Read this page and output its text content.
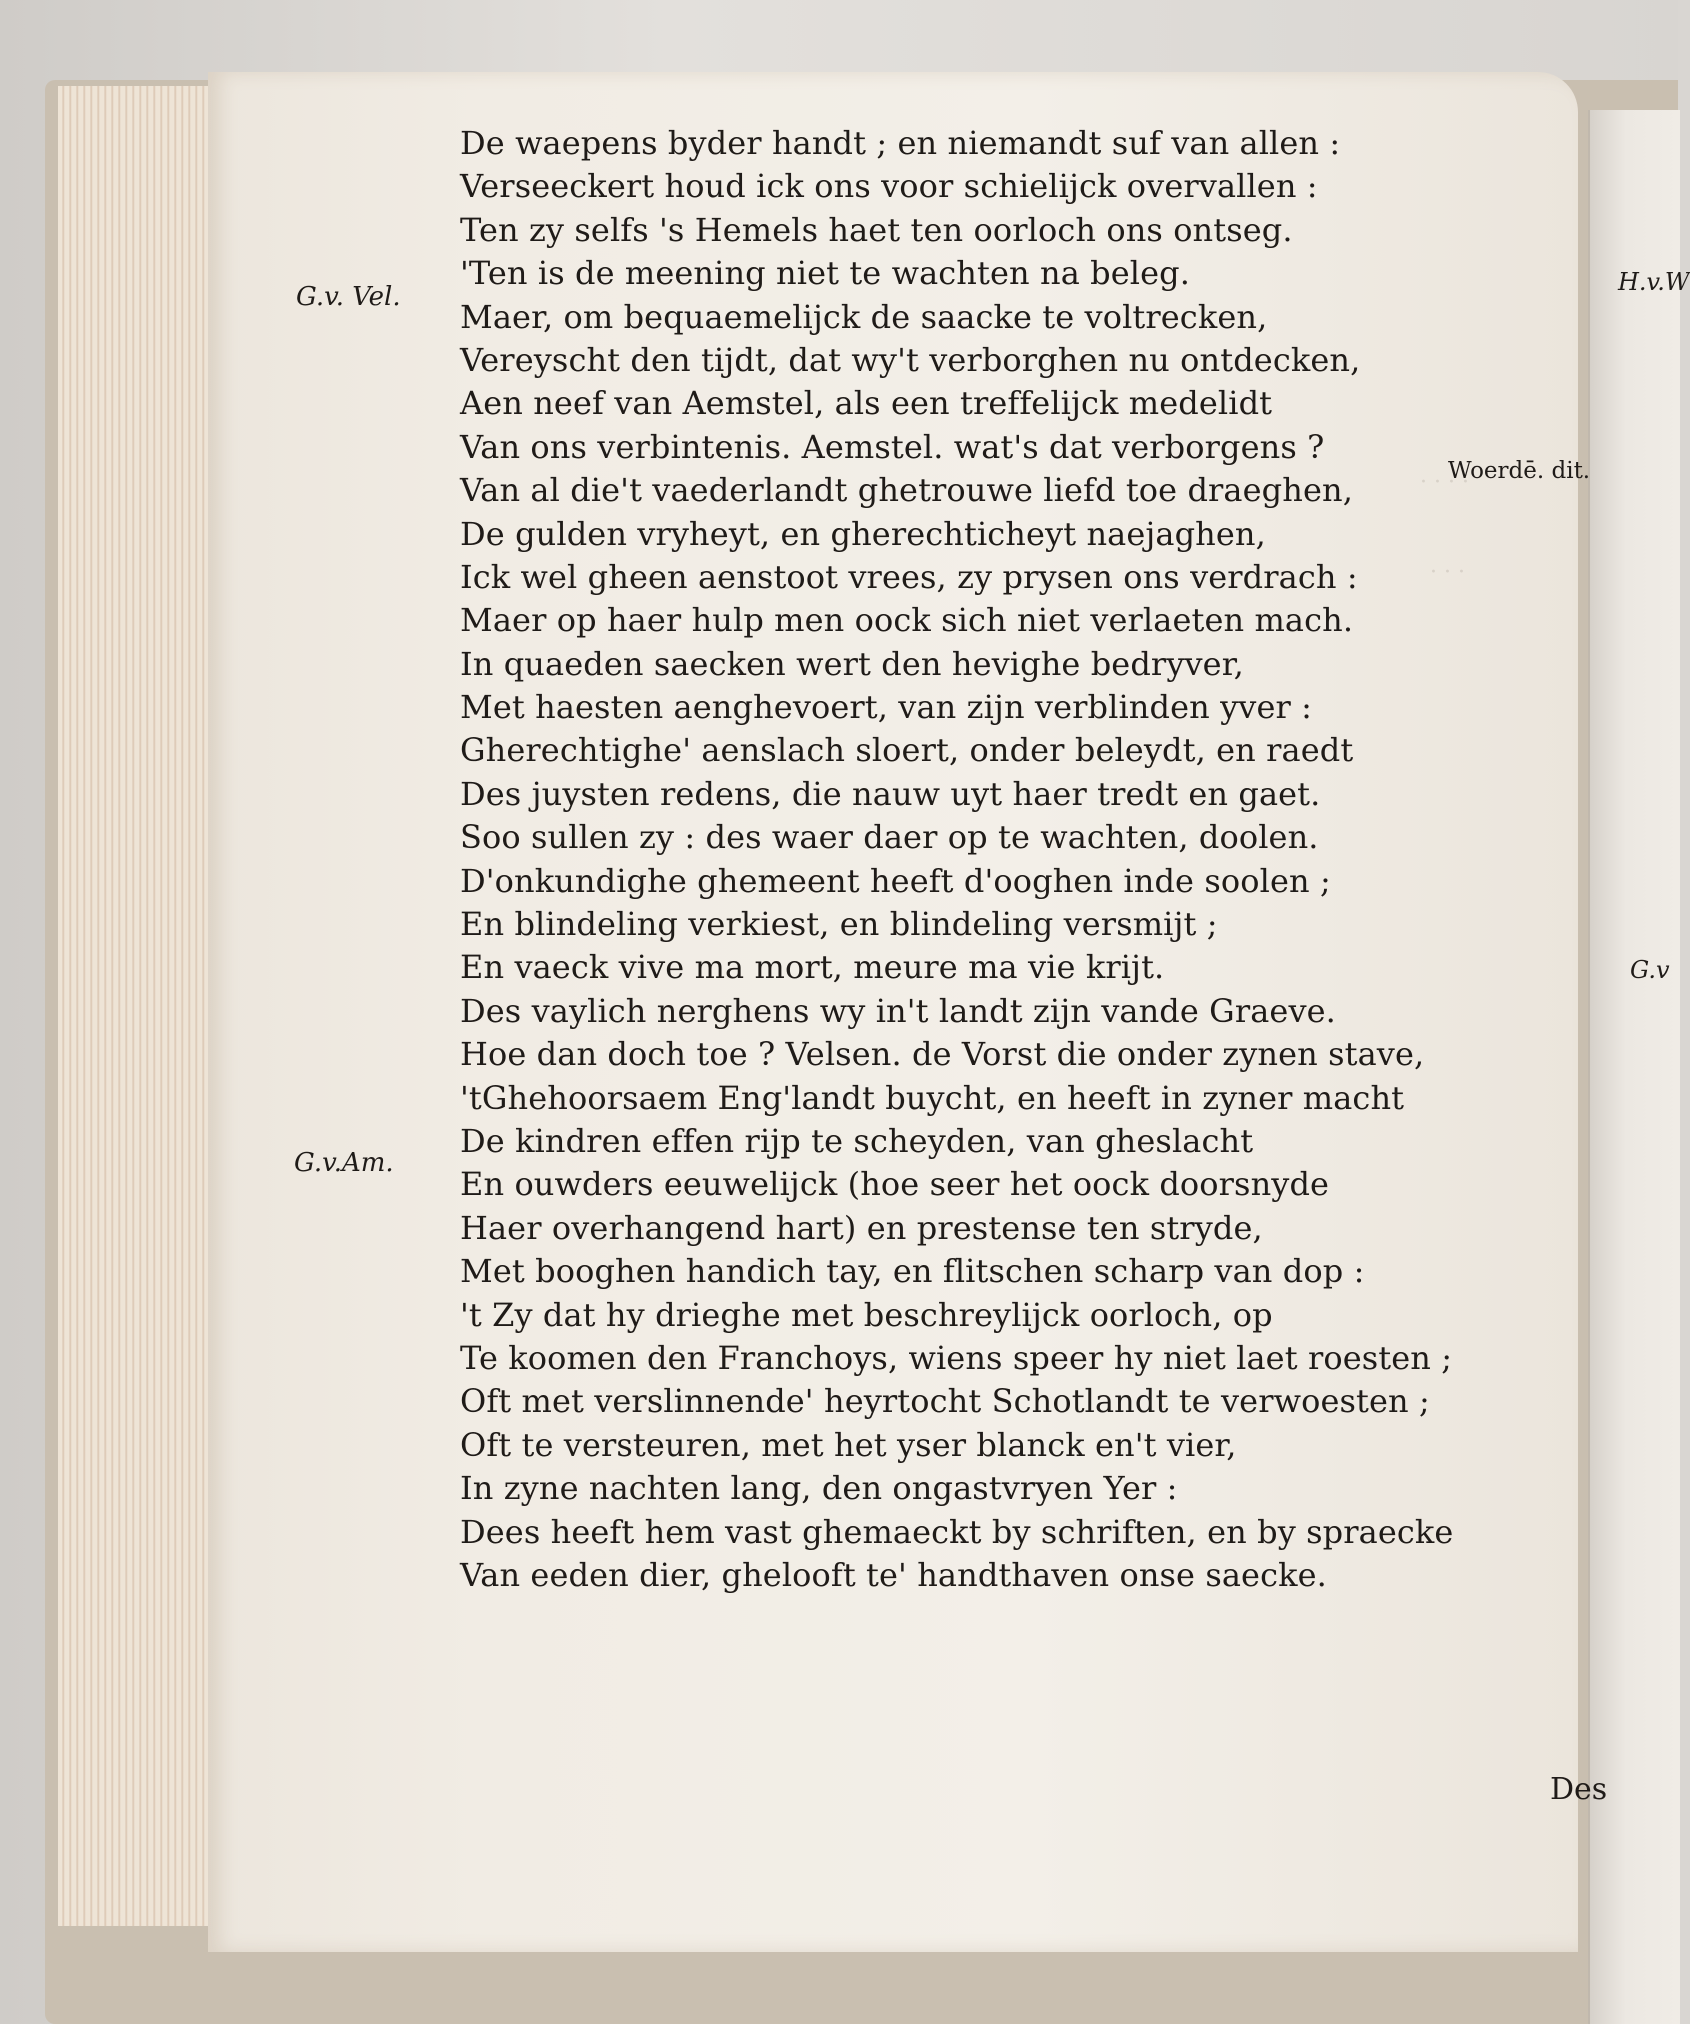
· · · ·
· · ·
De waepens byder handt ; en niemandt suf van allen :
Verseeckert houd ick ons voor schielijck overvallen :
Ten zy selfs 's Hemels haet ten oorloch ons ontseg.
'Ten is de meening niet te wachten na beleg.
Maer, om bequaemelijck de saacke te voltrecken,
Vereyscht den tijdt, dat wy't verborghen nu ontdecken,
Aen neef van Aemstel, als een treffelijck medelidt
Van ons verbintenis. Aemstel. wat's dat verborgens ?
Van al die't vaederlandt ghetrouwe liefd toe draeghen,
De gulden vryheyt, en gherechticheyt naejaghen,
Ick wel gheen aenstoot vrees, zy prysen ons verdrach :
Maer op haer hulp men oock sich niet verlaeten mach.
In quaeden saecken wert den hevighe bedryver,
Met haesten aenghevoert, van zijn verblinden yver :
Gherechtighe' aenslach sloert, onder beleydt, en raedt
Des juysten redens, die nauw uyt haer tredt en gaet.
Soo sullen zy : des waer daer op te wachten, doolen.
D'onkundighe ghemeent heeft d'ooghen inde soolen ;
En blindeling verkiest, en blindeling versmijt ;
En vaeck vive ma mort, meure ma vie krijt.
Des vaylich nerghens wy in't landt zijn vande Graeve.
Hoe dan doch toe ? Velsen. de Vorst die onder zynen stave,
'tGhehoorsaem Eng'landt buycht, en heeft in zyner macht
De kindren effen rijp te scheyden, van gheslacht
En ouwders eeuwelijck (hoe seer het oock doorsnyde
Haer overhangend hart) en prestense ten stryde,
Met booghen handich tay, en flitschen scharp van dop :
't Zy dat hy drieghe met beschreylijck oorloch, op
Te koomen den Franchoys, wiens speer hy niet laet roesten ;
Oft met verslinnende' heyrtocht Schotlandt te verwoesten ;
Oft te versteuren, met het yser blanck en't vier,
In zyne nachten lang, den ongastvryen Yer :
Dees heeft hem vast ghemaeckt by schriften, en by spraecke
Van eeden dier, ghelooft te' handthaven onse saecke.
G.v. Vel.
G.v.Am.
Woerdē. dit.
Des
H.v.W
G.v
